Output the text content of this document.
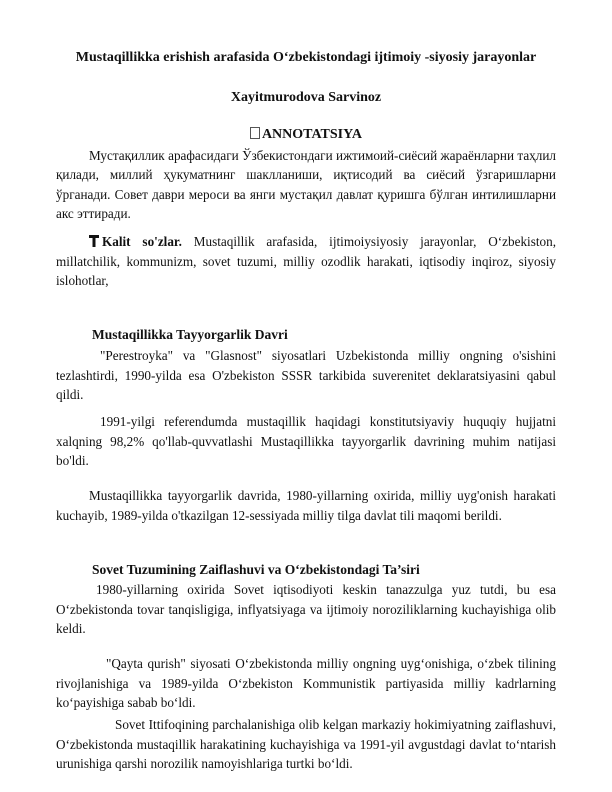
Mustaqillikka erishish arafasida O‘zbekistondagi ijtimoiy -siyosiy jarayonlar
Xayitmurodova Sarvinoz
ANNOTATSIYA
Мустақиллик арафасидаги Ўзбекистондаги ижтимоий-сиёсий жараёнларни таҳлил қилади, миллий ҳукуматнинг шаклланиши, иқтисодий ва сиёсий ўзгаришларни ўрганади. Совет даври мероси ва янги мустақил давлат қуришга бўлган интилишларни акс эттиради.
Kalit so'zlar. Mustaqillik arafasida, ijtimoiysiyosiy jarayonlar, O‘zbekiston, millatchilik, kommunizm, sovet tuzumi, milliy ozodlik harakati, iqtisodiy inqiroz, siyosiy islohotlar,
Mustaqillikka Tayyorgarlik Davri
"Perestroyka" va "Glasnost" siyosatlari Uzbekistonda milliy ongning o'sishini tezlashtirdi, 1990-yilda esa O'zbekiston SSSR tarkibida suverenitet deklaratsiyasini qabul qildi.
1991-yilgi referendumda mustaqillik haqidagi konstitutsiyaviy huquqiy hujjatni xalqning 98,2% qo'llab-quvvatlashi Mustaqillikka tayyorgarlik davrining muhim natijasi bo'ldi.
Mustaqillikka tayyorgarlik davrida, 1980-yillarning oxirida, milliy uyg'onish harakati kuchayib, 1989-yilda o'tkazilgan 12-sessiyada milliy tilga davlat tili maqomi berildi.
Sovet Tuzumining Zaiflashuvi va O‘zbekistondagi Ta’siri
1980-yillarning oxirida Sovet iqtisodiyoti keskin tanazzulga yuz tutdi, bu esa O‘zbekistonda tovar tanqisligiga, inflyatsiyaga va ijtimoiy noroziliklarning kuchayishiga olib keldi.
"Qayta qurish" siyosati O‘zbekistonda milliy ongning uyg‘onishiga, o‘zbek tilining rivojlanishiga va 1989-yilda O‘zbekiston Kommunistik partiyasida milliy kadrlarning ko‘payishiga sabab bo‘ldi.
Sovet Ittifoqining parchalanishiga olib kelgan markaziy hokimiyatning zaiflashuvi, O‘zbekistonda mustaqillik harakatining kuchayishiga va 1991-yil avgustdagi davlat to‘ntarish urunishiga qarshi norozilik namoyishlariga turtki bo‘ldi.
